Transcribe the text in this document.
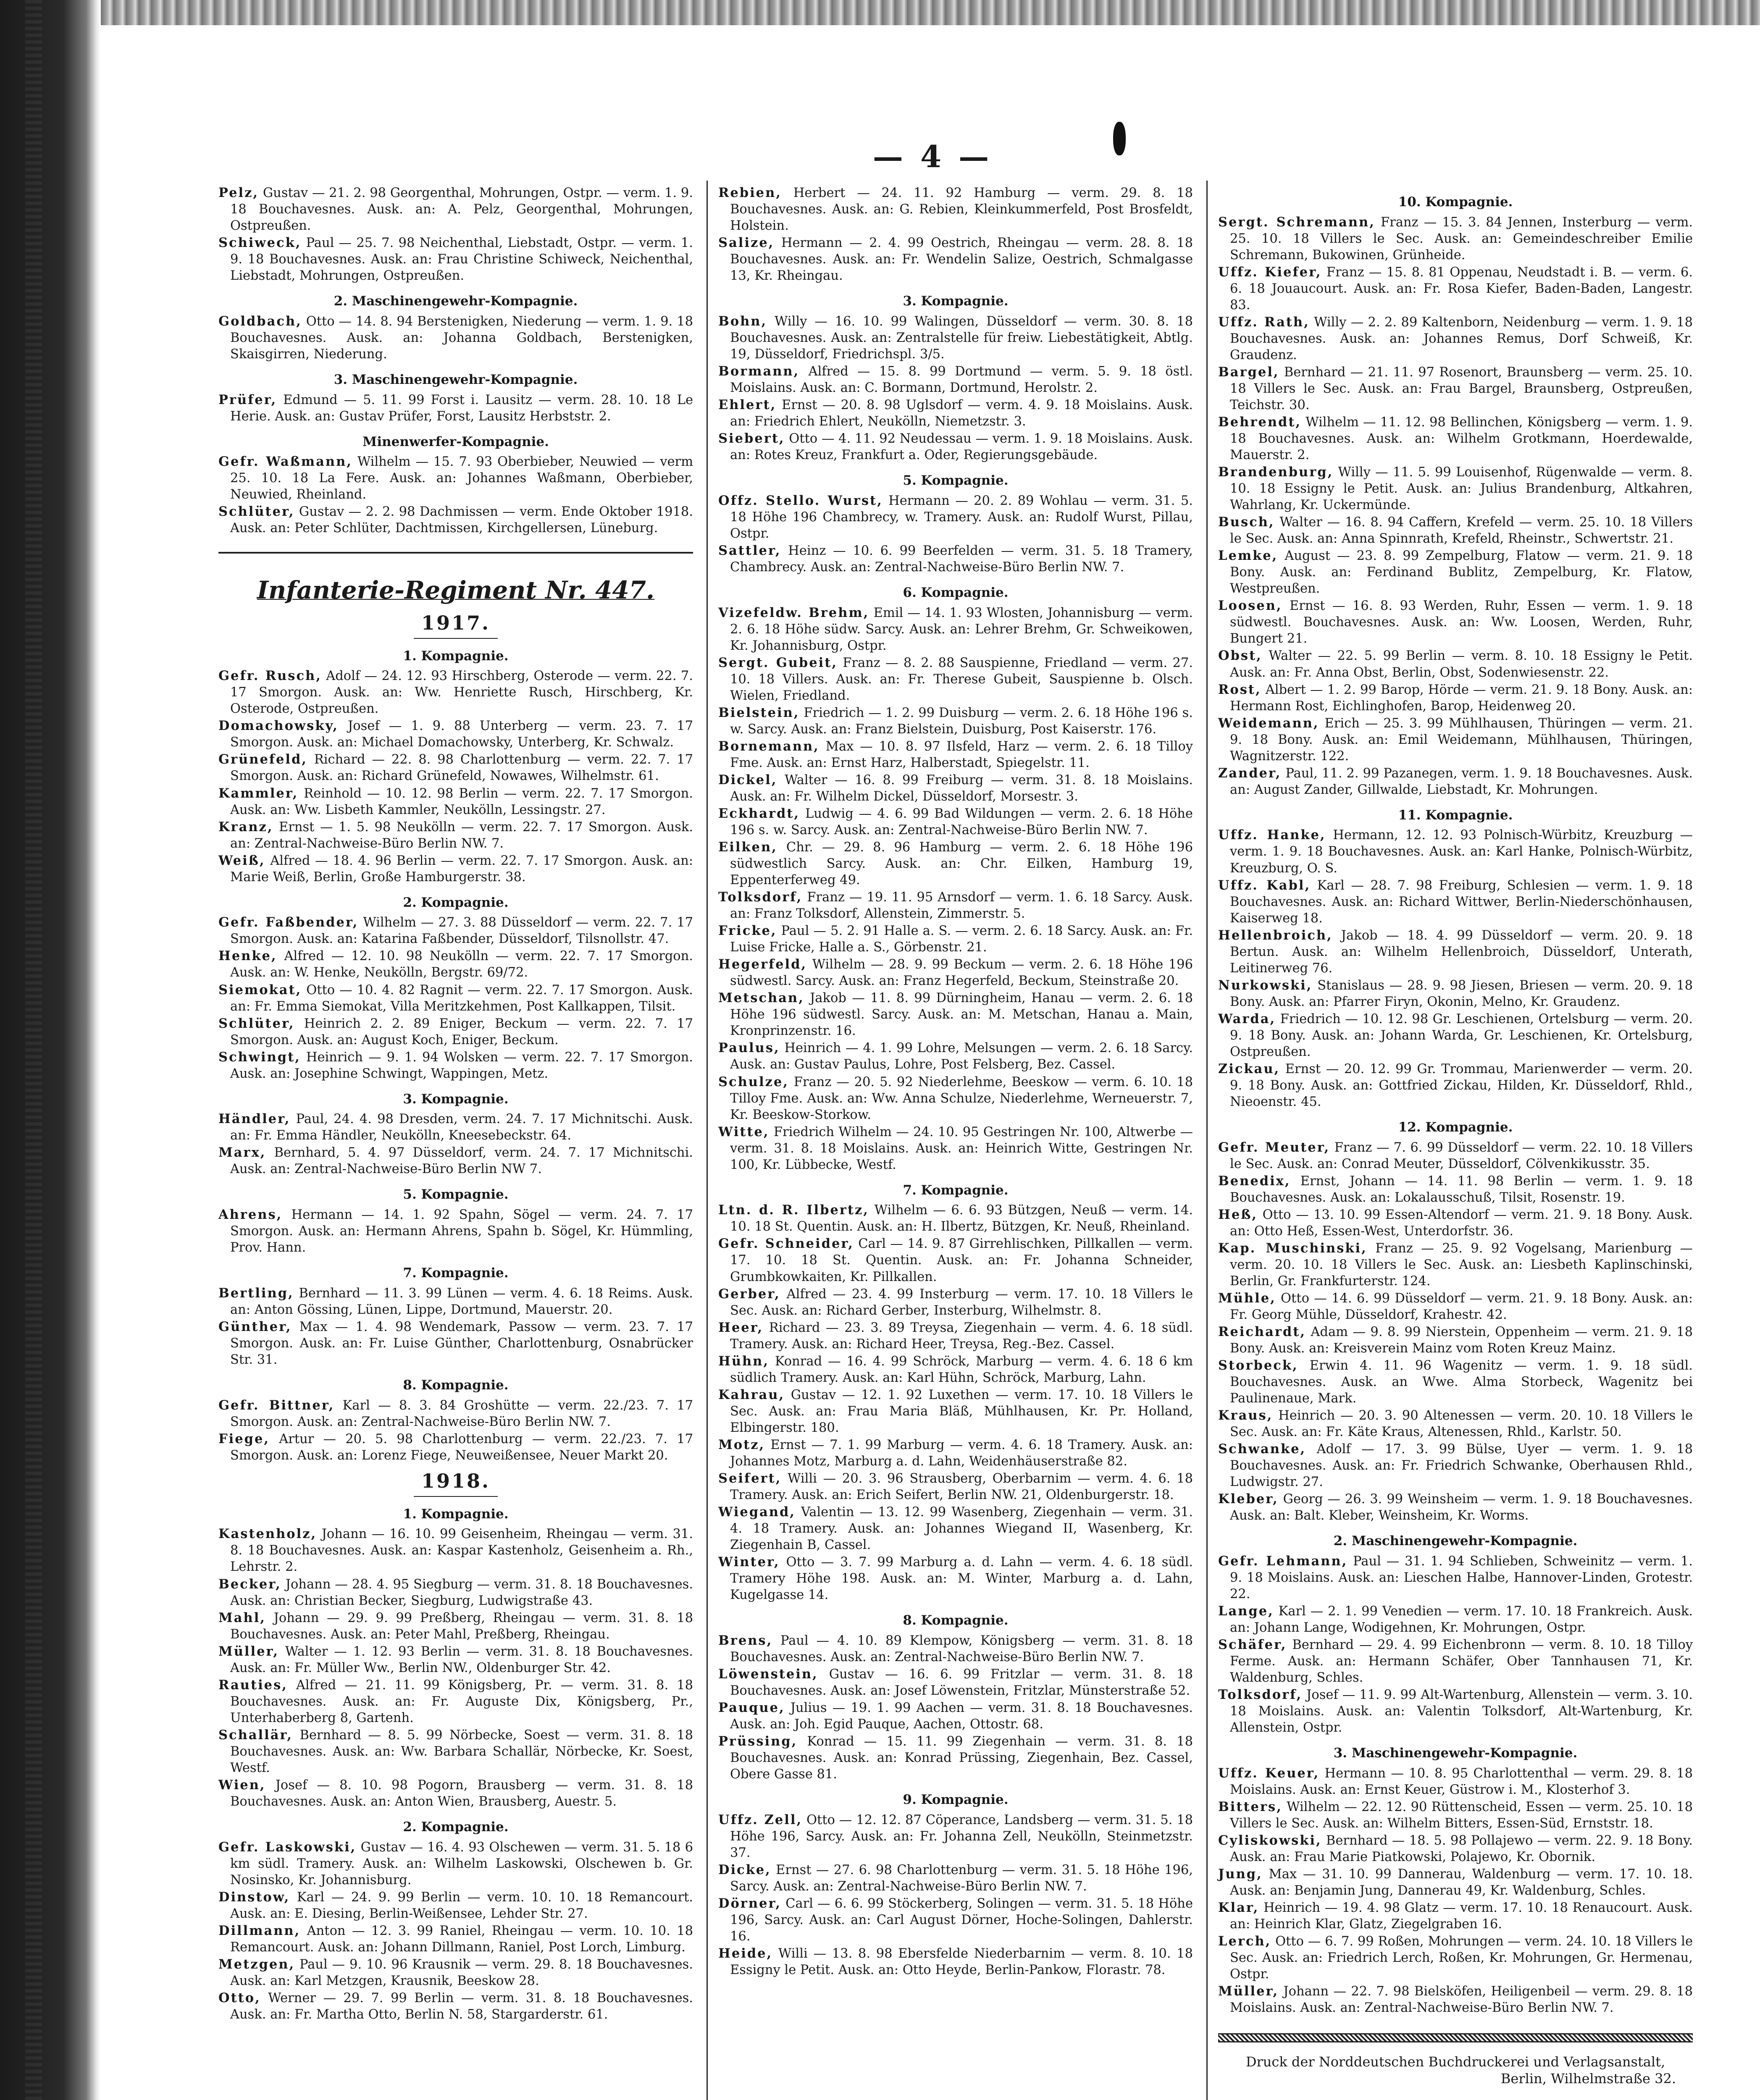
— 4 —

Pelz, Gustav — 21. 2. 98 Georgenthal, Mohrungen, Ostpr. — verm. 1. 9. 18 Bouchavesnes. Ausk. an: A. Pelz, Georgenthal, Mohrungen, Ostpreußen.

Schiweck, Paul — 25. 7. 98 Neichenthal, Liebstadt, Ostpr. — verm. 1. 9. 18 Bouchavesnes. Ausk. an: Frau Christine Schiweck, Neichenthal, Liebstadt, Mohrungen, Ostpreußen.

2. Maschinengewehr-Kompagnie.

Goldbach, Otto — 14. 8. 94 Berstenigken, Niederung — verm. 1. 9. 18 Bouchavesnes. Ausk. an: Johanna Goldbach, Berstenigken, Skaisgirren, Niederung.

3. Maschinengewehr-Kompagnie.

Prüfer, Edmund — 5. 11. 99 Forst i. Lausitz — verm. 28. 10. 18 Le Herie. Ausk. an: Gustav Prüfer, Forst, Lausitz Herbststr. 2.

Minenwerfer-Kompagnie.

Gefr. Waßmann, Wilhelm — 15. 7. 93 Oberbieber, Neuwied — verm 25. 10. 18 La Fere. Ausk. an: Johannes Waßmann, Oberbieber, Neuwied, Rheinland.

Schlüter, Gustav — 2. 2. 98 Dachmissen — verm. Ende Oktober 1918. Ausk. an: Peter Schlüter, Dachtmissen, Kirchgellersen, Lüneburg.

Infanterie-Regiment Nr. 447.
1917.
1. Kompagnie.

Gefr. Rusch, Adolf — 24. 12. 93 Hirschberg, Osterode — verm. 22. 7. 17 Smorgon. Ausk. an: Ww. Henriette Rusch, Hirschberg, Kr. Osterode, Ostpreußen.

Domachowsky, Josef — 1. 9. 88 Unterberg — verm. 23. 7. 17 Smorgon. Ausk. an: Michael Domachowsky, Unterberg, Kr. Schwalz.

Grünefeld, Richard — 22. 8. 98 Charlottenburg — verm. 22. 7. 17 Smorgon. Ausk. an: Richard Grünefeld, Nowawes, Wilhelmstr. 61.

Kammler, Reinhold — 10. 12. 98 Berlin — verm. 22. 7. 17 Smorgon. Ausk. an: Ww. Lisbeth Kammler, Neukölln, Lessingstr. 27.

Kranz, Ernst — 1. 5. 98 Neukölln — verm. 22. 7. 17 Smorgon. Ausk. an: Zentral-Nachweise-Büro Berlin NW. 7.

Weiß, Alfred — 18. 4. 96 Berlin — verm. 22. 7. 17 Smorgon. Ausk. an: Marie Weiß, Berlin, Große Hamburgerstr. 38.

2. Kompagnie.

Gefr. Faßbender, Wilhelm — 27. 3. 88 Düsseldorf — verm. 22. 7. 17 Smorgon. Ausk. an: Katarina Faßbender, Düsseldorf, Tilsnollstr. 47.

Henke, Alfred — 12. 10. 98 Neukölln — verm. 22. 7. 17 Smorgon. Ausk. an: W. Henke, Neukölln, Bergstr. 69/72.

Siemokat, Otto — 10. 4. 82 Ragnit — verm. 22. 7. 17 Smorgon. Ausk. an: Fr. Emma Siemokat, Villa Meritzkehmen, Post Kallkappen, Tilsit.

Schlüter, Heinrich 2. 2. 89 Eniger, Beckum — verm. 22. 7. 17 Smorgon. Ausk. an: August Koch, Eniger, Beckum.

Schwingt, Heinrich — 9. 1. 94 Wolsken — verm. 22. 7. 17 Smorgon. Ausk. an: Josephine Schwingt, Wappingen, Metz.

3. Kompagnie.

Händler, Paul, 24. 4. 98 Dresden, verm. 24. 7. 17 Michnitschi. Ausk. an: Fr. Emma Händler, Neukölln, Kneesebeckstr. 64.

Marx, Bernhard, 5. 4. 97 Düsseldorf, verm. 24. 7. 17 Michnitschi. Ausk. an: Zentral-Nachweise-Büro Berlin NW 7.

5. Kompagnie.

Ahrens, Hermann — 14. 1. 92 Spahn, Sögel — verm. 24. 7. 17 Smorgon. Ausk. an: Hermann Ahrens, Spahn b. Sögel, Kr. Hümmling, Prov. Hann.

7. Kompagnie.

Bertling, Bernhard — 11. 3. 99 Lünen — verm. 4. 6. 18 Reims. Ausk. an: Anton Gössing, Lünen, Lippe, Dortmund, Mauerstr. 20.

Günther, Max — 1. 4. 98 Wendemark, Passow — verm. 23. 7. 17 Smorgon. Ausk. an: Fr. Luise Günther, Charlottenburg, Osnabrücker Str. 31.

8. Kompagnie.

Gefr. Bittner, Karl — 8. 3. 84 Groshütte — verm. 22./23. 7. 17 Smorgon. Ausk. an: Zentral-Nachweise-Büro Berlin NW. 7.

Fiege, Artur — 20. 5. 98 Charlottenburg — verm. 22./23. 7. 17 Smorgon. Ausk. an: Lorenz Fiege, Neuweißensee, Neuer Markt 20.

1918.
1. Kompagnie.

Kastenholz, Johann — 16. 10. 99 Geisenheim, Rheingau — verm. 31. 8. 18 Bouchavesnes. Ausk. an: Kaspar Kastenholz, Geisenheim a. Rh., Lehrstr. 2.

Becker, Johann — 28. 4. 95 Siegburg — verm. 31. 8. 18 Bouchavesnes. Ausk. an: Christian Becker, Siegburg, Ludwigstraße 43.

Mahl, Johann — 29. 9. 99 Preßberg, Rheingau — verm. 31. 8. 18 Bouchavesnes. Ausk. an: Peter Mahl, Preßberg, Rheingau.

Müller, Walter — 1. 12. 93 Berlin — verm. 31. 8. 18 Bouchavesnes. Ausk. an: Fr. Müller Ww., Berlin NW., Oldenburger Str. 42.

Rauties, Alfred — 21. 11. 99 Königsberg, Pr. — verm. 31. 8. 18 Bouchavesnes. Ausk. an: Fr. Auguste Dix, Königsberg, Pr., Unterhaberberg 8, Gartenh.

Schallär, Bernhard — 8. 5. 99 Nörbecke, Soest — verm. 31. 8. 18 Bouchavesnes. Ausk. an: Ww. Barbara Schallär, Nörbecke, Kr. Soest, Westf.

Wien, Josef — 8. 10. 98 Pogorn, Brausberg — verm. 31. 8. 18 Bouchavesnes. Ausk. an: Anton Wien, Brausberg, Auestr. 5.

2. Kompagnie.

Gefr. Laskowski, Gustav — 16. 4. 93 Olschewen — verm. 31. 5. 18 6 km südl. Tramery. Ausk. an: Wilhelm Laskowski, Olschewen b. Gr. Nosinsko, Kr. Johannisburg.

Dinstow, Karl — 24. 9. 99 Berlin — verm. 10. 10. 18 Remancourt. Ausk. an: E. Diesing, Berlin-Weißensee, Lehder Str. 27.

Dillmann, Anton — 12. 3. 99 Raniel, Rheingau — verm. 10. 10. 18 Remancourt. Ausk. an: Johann Dillmann, Raniel, Post Lorch, Limburg.

Metzgen, Paul — 9. 10. 96 Krausnik — verm. 29. 8. 18 Bouchavesnes. Ausk. an: Karl Metzgen, Krausnik, Beeskow 28.

Otto, Werner — 29. 7. 99 Berlin — verm. 31. 8. 18 Bouchavesnes. Ausk. an: Fr. Martha Otto, Berlin N. 58, Stargarderstr. 61.

Rebien, Herbert — 24. 11. 92 Hamburg — verm. 29. 8. 18 Bouchavesnes. Ausk. an: G. Rebien, Kleinkummerfeld, Post Brosfeldt, Holstein.

Salize, Hermann — 2. 4. 99 Oestrich, Rheingau — verm. 28. 8. 18 Bouchavesnes. Ausk. an: Fr. Wendelin Salize, Oestrich, Schmalgasse 13, Kr. Rheingau.

3. Kompagnie.

Bohn, Willy — 16. 10. 99 Walingen, Düsseldorf — verm. 30. 8. 18 Bouchavesnes. Ausk. an: Zentralstelle für freiw. Liebestätigkeit, Abtlg. 19, Düsseldorf, Friedrichspl. 3/5.

Bormann, Alfred — 15. 8. 99 Dortmund — verm. 5. 9. 18 östl. Moislains. Ausk. an: C. Bormann, Dortmund, Herolstr. 2.

Ehlert, Ernst — 20. 8. 98 Uglsdorf — verm. 4. 9. 18 Moislains. Ausk. an: Friedrich Ehlert, Neukölln, Niemetzstr. 3.

Siebert, Otto — 4. 11. 92 Neudessau — verm. 1. 9. 18 Moislains. Ausk. an: Rotes Kreuz, Frankfurt a. Oder, Regierungsgebäude.

5. Kompagnie.

Offz. Stello. Wurst, Hermann — 20. 2. 89 Wohlau — verm. 31. 5. 18 Höhe 196 Chambrecy, w. Tramery. Ausk. an: Rudolf Wurst, Pillau, Ostpr.

Sattler, Heinz — 10. 6. 99 Beerfelden — verm. 31. 5. 18 Tramery, Chambrecy. Ausk. an: Zentral-Nachweise-Büro Berlin NW. 7.

6. Kompagnie.

Vizefeldw. Brehm, Emil — 14. 1. 93 Wlosten, Johannisburg — verm. 2. 6. 18 Höhe südw. Sarcy. Ausk. an: Lehrer Brehm, Gr. Schweikowen, Kr. Johannisburg, Ostpr.

Sergt. Gubeit, Franz — 8. 2. 88 Sauspienne, Friedland — verm. 27. 10. 18 Villers. Ausk. an: Fr. Therese Gubeit, Sauspienne b. Olsch. Wielen, Friedland.

Bielstein, Friedrich — 1. 2. 99 Duisburg — verm. 2. 6. 18 Höhe 196 s. w. Sarcy. Ausk. an: Franz Bielstein, Duisburg, Post Kaiserstr. 176.

Bornemann, Max — 10. 8. 97 Ilsfeld, Harz — verm. 2. 6. 18 Tilloy Fme. Ausk. an: Ernst Harz, Halberstadt, Spiegelstr. 11.

Dickel, Walter — 16. 8. 99 Freiburg — verm. 31. 8. 18 Moislains. Ausk. an: Fr. Wilhelm Dickel, Düsseldorf, Morsestr. 3.

Eckhardt, Ludwig — 4. 6. 99 Bad Wildungen — verm. 2. 6. 18 Höhe 196 s. w. Sarcy. Ausk. an: Zentral-Nachweise-Büro Berlin NW. 7.

Eilken, Chr. — 29. 8. 96 Hamburg — verm. 2. 6. 18 Höhe 196 südwestlich Sarcy. Ausk. an: Chr. Eilken, Hamburg 19, Eppenterferweg 49.

Tolksdorf, Franz — 19. 11. 95 Arnsdorf — verm. 1. 6. 18 Sarcy. Ausk. an: Franz Tolksdorf, Allenstein, Zimmerstr. 5.

Fricke, Paul — 5. 2. 91 Halle a. S. — verm. 2. 6. 18 Sarcy. Ausk. an: Fr. Luise Fricke, Halle a. S., Görbenstr. 21.

Hegerfeld, Wilhelm — 28. 9. 99 Beckum — verm. 2. 6. 18 Höhe 196 südwestl. Sarcy. Ausk. an: Franz Hegerfeld, Beckum, Steinstraße 20.

Metschan, Jakob — 11. 8. 99 Dürningheim, Hanau — verm. 2. 6. 18 Höhe 196 südwestl. Sarcy. Ausk. an: M. Metschan, Hanau a. Main, Kronprinzenstr. 16.

Paulus, Heinrich — 4. 1. 99 Lohre, Melsungen — verm. 2. 6. 18 Sarcy. Ausk. an: Gustav Paulus, Lohre, Post Felsberg, Bez. Cassel.

Schulze, Franz — 20. 5. 92 Niederlehme, Beeskow — verm. 6. 10. 18 Tilloy Fme. Ausk. an: Ww. Anna Schulze, Niederlehme, Werneuerstr. 7, Kr. Beeskow-Storkow.

Witte, Friedrich Wilhelm — 24. 10. 95 Gestringen Nr. 100, Altwerbe — verm. 31. 8. 18 Moislains. Ausk. an: Heinrich Witte, Gestringen Nr. 100, Kr. Lübbecke, Westf.

7. Kompagnie.

Ltn. d. R. Ilbertz, Wilhelm — 6. 6. 93 Bützgen, Neuß — verm. 14. 10. 18 St. Quentin. Ausk. an: H. Ilbertz, Bützgen, Kr. Neuß, Rheinland.

Gefr. Schneider, Carl — 14. 9. 87 Girrehlischken, Pillkallen — verm. 17. 10. 18 St. Quentin. Ausk. an: Fr. Johanna Schneider, Grumbkowkaiten, Kr. Pillkallen.

Gerber, Alfred — 23. 4. 99 Insterburg — verm. 17. 10. 18 Villers le Sec. Ausk. an: Richard Gerber, Insterburg, Wilhelmstr. 8.

Heer, Richard — 23. 3. 89 Treysa, Ziegenhain — verm. 4. 6. 18 südl. Tramery. Ausk. an: Richard Heer, Treysa, Reg.-Bez. Cassel.

Hühn, Konrad — 16. 4. 99 Schröck, Marburg — verm. 4. 6. 18 6 km südlich Tramery. Ausk. an: Karl Hühn, Schröck, Marburg, Lahn.

Kahrau, Gustav — 12. 1. 92 Luxethen — verm. 17. 10. 18 Villers le Sec. Ausk. an: Frau Maria Bläß, Mühlhausen, Kr. Pr. Holland, Elbingerstr. 180.

Motz, Ernst — 7. 1. 99 Marburg — verm. 4. 6. 18 Tramery. Ausk. an: Johannes Motz, Marburg a. d. Lahn, Weidenhäuserstraße 82.

Seifert, Willi — 20. 3. 96 Strausberg, Oberbarnim — verm. 4. 6. 18 Tramery. Ausk. an: Erich Seifert, Berlin NW. 21, Oldenburgerstr. 18.

Wiegand, Valentin — 13. 12. 99 Wasenberg, Ziegenhain — verm. 31. 4. 18 Tramery. Ausk. an: Johannes Wiegand II, Wasenberg, Kr. Ziegenhain B, Cassel.

Winter, Otto — 3. 7. 99 Marburg a. d. Lahn — verm. 4. 6. 18 südl. Tramery Höhe 198. Ausk. an: M. Winter, Marburg a. d. Lahn, Kugelgasse 14.

8. Kompagnie.

Brens, Paul — 4. 10. 89 Klempow, Königsberg — verm. 31. 8. 18 Bouchavesnes. Ausk. an: Zentral-Nachweise-Büro Berlin NW. 7.

Löwenstein, Gustav — 16. 6. 99 Fritzlar — verm. 31. 8. 18 Bouchavesnes. Ausk. an: Josef Löwenstein, Fritzlar, Münsterstraße 52.

Pauque, Julius — 19. 1. 99 Aachen — verm. 31. 8. 18 Bouchavesnes. Ausk. an: Joh. Egid Pauque, Aachen, Ottostr. 68.

Prüssing, Konrad — 15. 11. 99 Ziegenhain — verm. 31. 8. 18 Bouchavesnes. Ausk. an: Konrad Prüssing, Ziegenhain, Bez. Cassel, Obere Gasse 81.

9. Kompagnie.

Uffz. Zell, Otto — 12. 12. 87 Cöperance, Landsberg — verm. 31. 5. 18 Höhe 196, Sarcy. Ausk. an: Fr. Johanna Zell, Neukölln, Steinmetzstr. 37.

Dicke, Ernst — 27. 6. 98 Charlottenburg — verm. 31. 5. 18 Höhe 196, Sarcy. Ausk. an: Zentral-Nachweise-Büro Berlin NW. 7.

Dörner, Carl — 6. 6. 99 Stöckerberg, Solingen — verm. 31. 5. 18 Höhe 196, Sarcy. Ausk. an: Carl August Dörner, Hoche-Solingen, Dahlerstr. 16.

Heide, Willi — 13. 8. 98 Ebersfelde Niederbarnim — verm. 8. 10. 18 Essigny le Petit. Ausk. an: Otto Heyde, Berlin-Pankow, Florastr. 78.

10. Kompagnie.

Sergt. Schremann, Franz — 15. 3. 84 Jennen, Insterburg — verm. 25. 10. 18 Villers le Sec. Ausk. an: Gemeindeschreiber Emilie Schremann, Bukowinen, Grünheide.

Uffz. Kiefer, Franz — 15. 8. 81 Oppenau, Neudstadt i. B. — verm. 6. 6. 18 Jouaucourt. Ausk. an: Fr. Rosa Kiefer, Baden-Baden, Langestr. 83.

Uffz. Rath, Willy — 2. 2. 89 Kaltenborn, Neidenburg — verm. 1. 9. 18 Bouchavesnes. Ausk. an: Johannes Remus, Dorf Schweiß, Kr. Graudenz.

Bargel, Bernhard — 21. 11. 97 Rosenort, Braunsberg — verm. 25. 10. 18 Villers le Sec. Ausk. an: Frau Bargel, Braunsberg, Ostpreußen, Teichstr. 30.

Behrendt, Wilhelm — 11. 12. 98 Bellinchen, Königsberg — verm. 1. 9. 18 Bouchavesnes. Ausk. an: Wilhelm Grotkmann, Hoerdewalde, Mauerstr. 2.

Brandenburg, Willy — 11. 5. 99 Louisenhof, Rügenwalde — verm. 8. 10. 18 Essigny le Petit. Ausk. an: Julius Brandenburg, Altkahren, Wahrlang, Kr. Uckermünde.

Busch, Walter — 16. 8. 94 Caffern, Krefeld — verm. 25. 10. 18 Villers le Sec. Ausk. an: Anna Spinnrath, Krefeld, Rheinstr., Schwertstr. 21.

Lemke, August — 23. 8. 99 Zempelburg, Flatow — verm. 21. 9. 18 Bony. Ausk. an: Ferdinand Bublitz, Zempelburg, Kr. Flatow, Westpreußen.

Loosen, Ernst — 16. 8. 93 Werden, Ruhr, Essen — verm. 1. 9. 18 südwestl. Bouchavesnes. Ausk. an: Ww. Loosen, Werden, Ruhr, Bungert 21.

Obst, Walter — 22. 5. 99 Berlin — verm. 8. 10. 18 Essigny le Petit. Ausk. an: Fr. Anna Obst, Berlin, Obst, Sodenwiesenstr. 22.

Rost, Albert — 1. 2. 99 Barop, Hörde — verm. 21. 9. 18 Bony. Ausk. an: Hermann Rost, Eichlinghofen, Barop, Heidenweg 20.

Weidemann, Erich — 25. 3. 99 Mühlhausen, Thüringen — verm. 21. 9. 18 Bony. Ausk. an: Emil Weidemann, Mühlhausen, Thüringen, Wagnitzerstr. 122.

Zander, Paul, 11. 2. 99 Pazanegen, verm. 1. 9. 18 Bouchavesnes. Ausk. an: August Zander, Gillwalde, Liebstadt, Kr. Mohrungen.

11. Kompagnie.

Uffz. Hanke, Hermann, 12. 12. 93 Polnisch-Würbitz, Kreuzburg — verm. 1. 9. 18 Bouchavesnes. Ausk. an: Karl Hanke, Polnisch-Würbitz, Kreuzburg, O. S.

Uffz. Kabl, Karl — 28. 7. 98 Freiburg, Schlesien — verm. 1. 9. 18 Bouchavesnes. Ausk. an: Richard Wittwer, Berlin-Niederschönhausen, Kaiserweg 18.

Hellenbroich, Jakob — 18. 4. 99 Düsseldorf — verm. 20. 9. 18 Bertun. Ausk. an: Wilhelm Hellenbroich, Düsseldorf, Unterath, Leitinerweg 76.

Nurkowski, Stanislaus — 28. 9. 98 Jiesen, Briesen — verm. 20. 9. 18 Bony. Ausk. an: Pfarrer Firyn, Okonin, Melno, Kr. Graudenz.

Warda, Friedrich — 10. 12. 98 Gr. Leschienen, Ortelsburg — verm. 20. 9. 18 Bony. Ausk. an: Johann Warda, Gr. Leschienen, Kr. Ortelsburg, Ostpreußen.

Zickau, Ernst — 20. 12. 99 Gr. Trommau, Marienwerder — verm. 20. 9. 18 Bony. Ausk. an: Gottfried Zickau, Hilden, Kr. Düsseldorf, Rhld., Nieoenstr. 45.

12. Kompagnie.

Gefr. Meuter, Franz — 7. 6. 99 Düsseldorf — verm. 22. 10. 18 Villers le Sec. Ausk. an: Conrad Meuter, Düsseldorf, Cölvenkikusstr. 35.

Benedix, Ernst, Johann — 14. 11. 98 Berlin — verm. 1. 9. 18 Bouchavesnes. Ausk. an: Lokalausschuß, Tilsit, Rosenstr. 19.

Heß, Otto — 13. 10. 99 Essen-Altendorf — verm. 21. 9. 18 Bony. Ausk. an: Otto Heß, Essen-West, Unterdorfstr. 36.

Kap. Muschinski, Franz — 25. 9. 92 Vogelsang, Marienburg — verm. 20. 10. 18 Villers le Sec. Ausk. an: Liesbeth Kaplinschinski, Berlin, Gr. Frankfurterstr. 124.

Mühle, Otto — 14. 6. 99 Düsseldorf — verm. 21. 9. 18 Bony. Ausk. an: Fr. Georg Mühle, Düsseldorf, Krahestr. 42.

Reichardt, Adam — 9. 8. 99 Nierstein, Oppenheim — verm. 21. 9. 18 Bony. Ausk. an: Kreisverein Mainz vom Roten Kreuz Mainz.

Storbeck, Erwin 4. 11. 96 Wagenitz — verm. 1. 9. 18 südl. Bouchavesnes. Ausk. an Wwe. Alma Storbeck, Wagenitz bei Paulinenaue, Mark.

Kraus, Heinrich — 20. 3. 90 Altenessen — verm. 20. 10. 18 Villers le Sec. Ausk. an: Fr. Käte Kraus, Altenessen, Rhld., Karlstr. 50.

Schwanke, Adolf — 17. 3. 99 Bülse, Uyer — verm. 1. 9. 18 Bouchavesnes. Ausk. an: Fr. Friedrich Schwanke, Oberhausen Rhld., Ludwigstr. 27.

Kleber, Georg — 26. 3. 99 Weinsheim — verm. 1. 9. 18 Bouchavesnes. Ausk. an: Balt. Kleber, Weinsheim, Kr. Worms.

2. Maschinengewehr-Kompagnie.

Gefr. Lehmann, Paul — 31. 1. 94 Schlieben, Schweinitz — verm. 1. 9. 18 Moislains. Ausk. an: Lieschen Halbe, Hannover-Linden, Grotestr. 22.

Lange, Karl — 2. 1. 99 Venedien — verm. 17. 10. 18 Frankreich. Ausk. an: Johann Lange, Wodigehnen, Kr. Mohrungen, Ostpr.

Schäfer, Bernhard — 29. 4. 99 Eichenbronn — verm. 8. 10. 18 Tilloy Ferme. Ausk. an: Hermann Schäfer, Ober Tannhausen 71, Kr. Waldenburg, Schles.

Tolksdorf, Josef — 11. 9. 99 Alt-Wartenburg, Allenstein — verm. 3. 10. 18 Moislains. Ausk. an: Valentin Tolksdorf, Alt-Wartenburg, Kr. Allenstein, Ostpr.

3. Maschinengewehr-Kompagnie.

Uffz. Keuer, Hermann — 10. 8. 95 Charlottenthal — verm. 29. 8. 18 Moislains. Ausk. an: Ernst Keuer, Güstrow i. M., Klosterhof 3.

Bitters, Wilhelm — 22. 12. 90 Rüttenscheid, Essen — verm. 25. 10. 18 Villers le Sec. Ausk. an: Wilhelm Bitters, Essen-Süd, Ernststr. 18.

Cyliskowski, Bernhard — 18. 5. 98 Pollajewo — verm. 22. 9. 18 Bony. Ausk. an: Frau Marie Piatkowski, Polajewo, Kr. Obornik.

Jung, Max — 31. 10. 99 Dannerau, Waldenburg — verm. 17. 10. 18. Ausk. an: Benjamin Jung, Dannerau 49, Kr. Waldenburg, Schles.

Klar, Heinrich — 19. 4. 98 Glatz — verm. 17. 10. 18 Renaucourt. Ausk. an: Heinrich Klar, Glatz, Ziegelgraben 16.

Lerch, Otto — 6. 7. 99 Roßen, Mohrungen — verm. 24. 10. 18 Villers le Sec. Ausk. an: Friedrich Lerch, Roßen, Kr. Mohrungen, Gr. Hermenau, Ostpr.

Müller, Johann — 22. 7. 98 Bielsköfen, Heiligenbeil — verm. 29. 8. 18 Moislains. Ausk. an: Zentral-Nachweise-Büro Berlin NW. 7.

Druck der Norddeutschen Buchdruckerei und Verlagsanstalt,
Berlin, Wilhelmstraße 32.
